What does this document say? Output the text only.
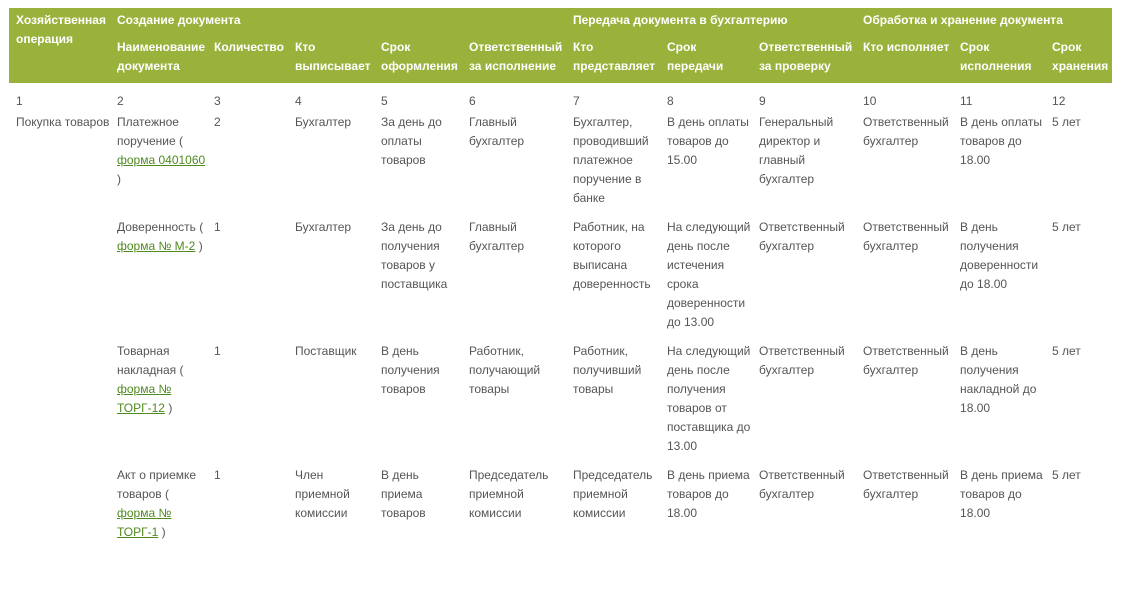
Хозяйственная операция	Создание документа					Передача документа в бухгалтерию			Обработка и хранение документа		
	Наименование документа	Количество	Кто выписывает	Срок оформления	Ответственный за исполнение	Кто представляет	Срок передачи	Ответственный за проверку	Кто исполняет	Срок исполнения	Срок хранения
1	2	3	4	5	6	7	8	9	10	11	12
Покупка товаров	Платежное поручение ( форма 0401060 )	2	Бухгалтер	За день до оплаты товаров	Главный бухгалтер	Бухгалтер, проводивший платежное поручение в банке	В день оплаты товаров до 15.00	Генеральный директор и главный бухгалтер	Ответственный бухгалтер	В день оплаты товаров до 18.00	5 лет
	Доверенность ( форма № М-2 )	1	Бухгалтер	За день до получения товаров у поставщика	Главный бухгалтер	Работник, на которого выписана доверенность	На следующий день после истечения срока доверенности до 13.00	Ответственный бухгалтер	Ответственный бухгалтер	В день получения доверенности до 18.00	5 лет
	Товарная накладная ( форма № ТОРГ-12 )	1	Поставщик	В день получения товаров	Работник, получающий товары	Работник, получивший товары	На следующий день после получения товаров от поставщика до 13.00	Ответственный бухгалтер	Ответственный бухгалтер	В день получения накладной до 18.00	5 лет
	Акт о приемке товаров ( форма № ТОРГ-1 )	1	Член приемной комиссии	В день приема товаров	Председатель приемной комиссии	Председатель приемной комиссии	В день приема товаров до 18.00	Ответственный бухгалтер	Ответственный бухгалтер	В день приема товаров до 18.00	5 лет
